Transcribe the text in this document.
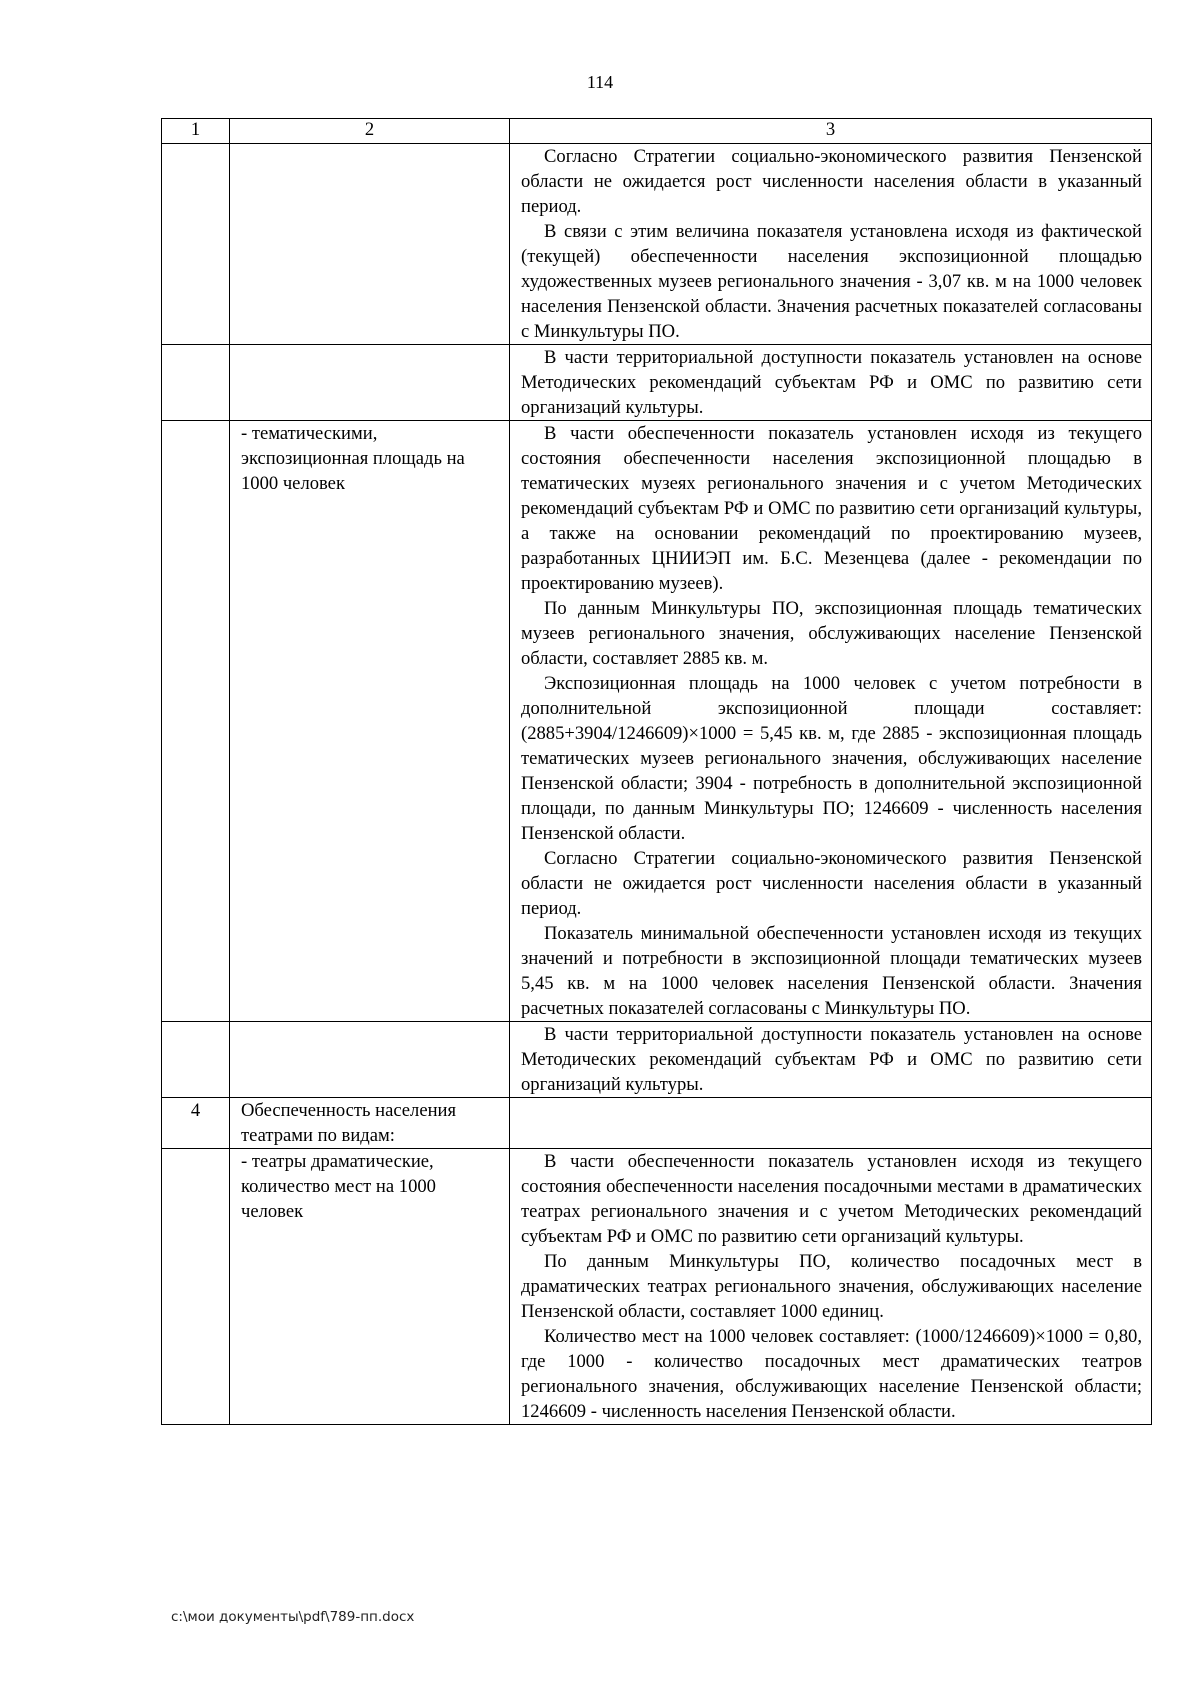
114
1	2	3

		Согласно Стратегии социально-экономического развития Пензенской области не ожидается рост численности населения области в указанный период.

В связи с этим величина показателя установлена исходя из фактической (текущей) обеспеченности населения экспозиционной площадью художественных музеев регионального значения - 3,07 кв. м на 1000 человек населения Пензенской области. Значения расчетных показателей согласованы с Минкультуры ПО.

		В части территориальной доступности показатель установлен на основе Методических рекомендаций субъектам РФ и ОМС по развитию сети организаций культуры.

	- тематическими, экспозиционная площадь на 1000 человек	В части обеспеченности показатель установлен исходя из текущего состояния обеспеченности населения экспозиционной площадью в тематических музеях регионального значения и с учетом Методических рекомендаций субъектам РФ и ОМС по развитию сети организаций культуры, а также на основании рекомендаций по проектированию музеев, разработанных ЦНИИЭП им. Б.С. Мезенцева (далее - рекомендации по проектированию музеев).

По данным Минкультуры ПО, экспозиционная площадь тематических музеев регионального значения, обслуживающих население Пензенской области, составляет 2885 кв. м.

Экспозиционная площадь на 1000 человек с учетом потребности в дополнительной экспозиционной площади составляет: (2885+3904/1246609)×1000 = 5,45 кв. м, где 2885 - экспозиционная площадь тематических музеев регионального значения, обслуживающих население Пензенской области; 3904 - потребность в дополнительной экспозиционной площади, по данным Минкультуры ПО; 1246609 - численность населения Пензенской области.

Согласно Стратегии социально-экономического развития Пензенской области не ожидается рост численности населения области в указанный период.

Показатель минимальной обеспеченности установлен исходя из текущих значений и потребности в экспозиционной площади тематических музеев 5,45 кв. м на 1000 человек населения Пензенской области. Значения расчетных показателей согласованы с Минкультуры ПО.

		В части территориальной доступности показатель установлен на основе Методических рекомендаций субъектам РФ и ОМС по развитию сети организаций культуры.

4	Обеспеченность населения театрами по видам:	

	- театры драматические, количество мест на 1000 человек	В части обеспеченности показатель установлен исходя из текущего состояния обеспеченности населения посадочными местами в драматических театрах регионального значения и с учетом Методических рекомендаций субъектам РФ и ОМС по развитию сети организаций культуры.

По данным Минкультуры ПО, количество посадочных мест в драматических театрах регионального значения, обслуживающих население Пензенской области, составляет 1000 единиц.

Количество мест на 1000 человек составляет: (1000/1246609)×1000 = 0,80, где 1000 - количество посадочных мест драматических театров регионального значения, обслуживающих население Пензенской области; 1246609 - численность населения Пензенской области.

c:\мои документы\pdf\789-пп.docx
